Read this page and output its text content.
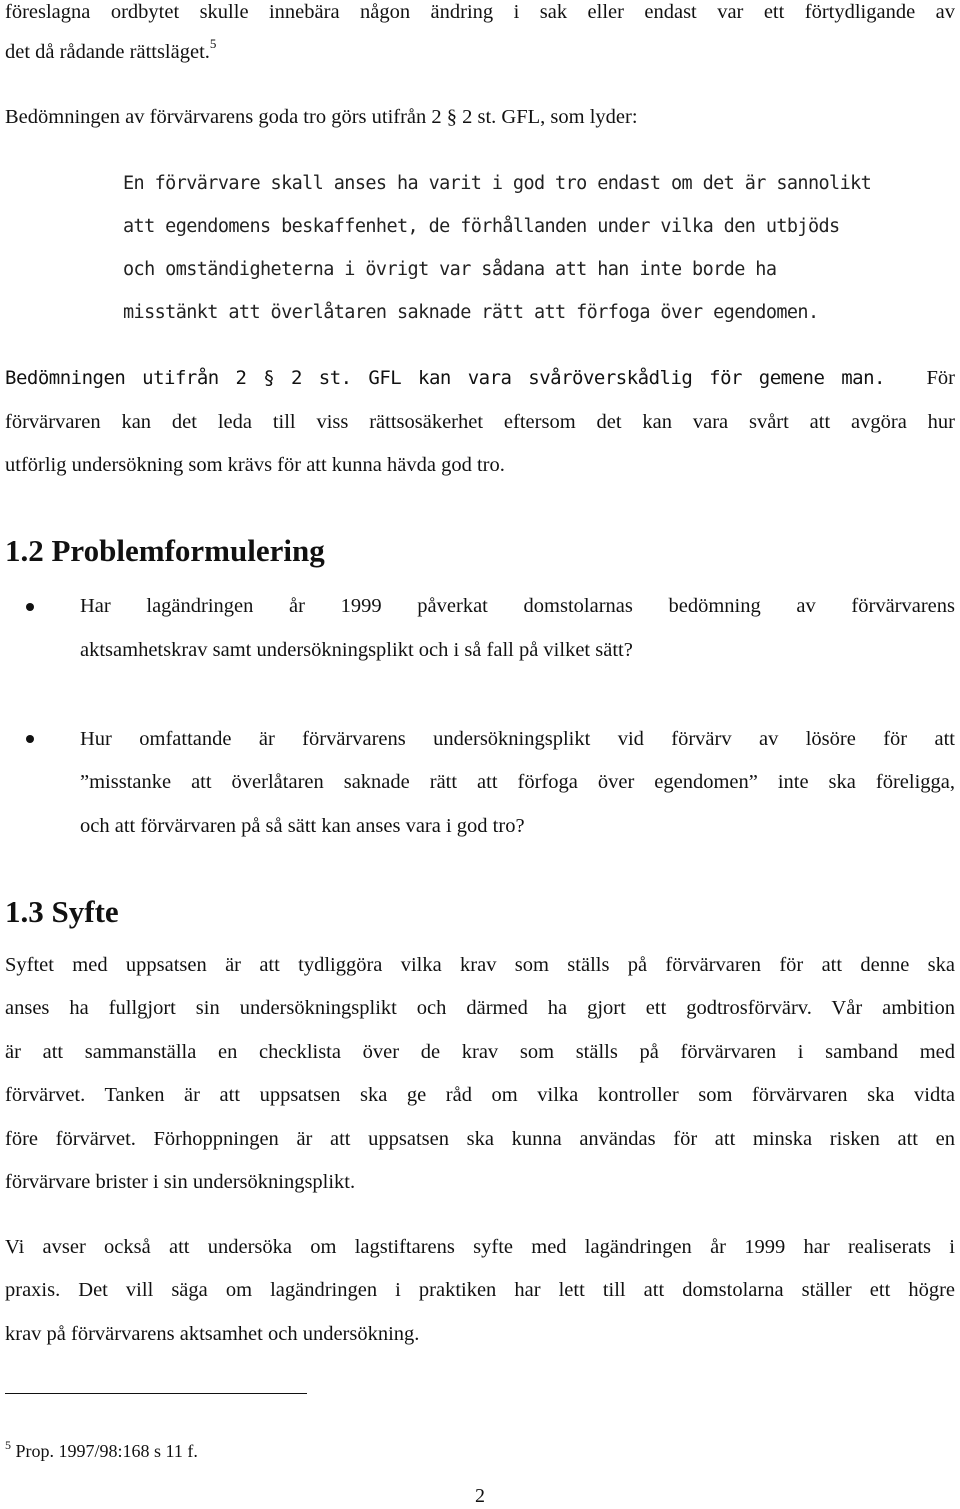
föreslagna ordbytet skulle innebära någon ändring i sak eller endast var ett förtydligande av
det då rådande rättsläget.$^5$
Bedömningen av förvärvarens goda tro görs utifrån 2 § 2 st. GFL, som lyder:
En förvärvare skall anses ha varit i god tro endast om det är sannolikt
att egendomens beskaffenhet, de förhållanden under vilka den utbjöds
och omständigheterna i övrigt var sådana att han inte borde ha
misstänkt att överlåtaren saknade rätt att förfoga över egendomen.
Bedömningen utifrån 2 § 2 st. GFL kan vara svåröverskådlig för gemene man. För
förvärvaren kan det leda till viss rättsosäkerhet eftersom det kan vara svårt att avgöra hur
utförlig undersökning som krävs för att kunna hävda god tro.
1.2 Problemformulering
Har lagändringen år 1999 påverkat domstolarnas bedömning av förvärvarens
aktsamhetskrav samt undersökningsplikt och i så fall på vilket sätt?
Hur omfattande är förvärvarens undersökningsplikt vid förvärv av lösöre för att
”misstanke att överlåtaren saknade rätt att förfoga över egendomen” inte ska föreligga,
och att förvärvaren på så sätt kan anses vara i god tro?
1.3 Syfte
Syftet med uppsatsen är att tydliggöra vilka krav som ställs på förvärvaren för att denne ska
anses ha fullgjort sin undersökningsplikt och därmed ha gjort ett godtrosförvärv. Vår ambition
är att sammanställa en checklista över de krav som ställs på förvärvaren i samband med
förvärvet. Tanken är att uppsatsen ska ge råd om vilka kontroller som förvärvaren ska vidta
före förvärvet. Förhoppningen är att uppsatsen ska kunna användas för att minska risken att en
förvärvare brister i sin undersökningsplikt.
Vi avser också att undersöka om lagstiftarens syfte med lagändringen år 1999 har realiserats i
praxis. Det vill säga om lagändringen i praktiken har lett till att domstolarna ställer ett högre
krav på förvärvarens aktsamhet och undersökning.
$^5$ Prop. 1997/98:168 s 11 f.
2
